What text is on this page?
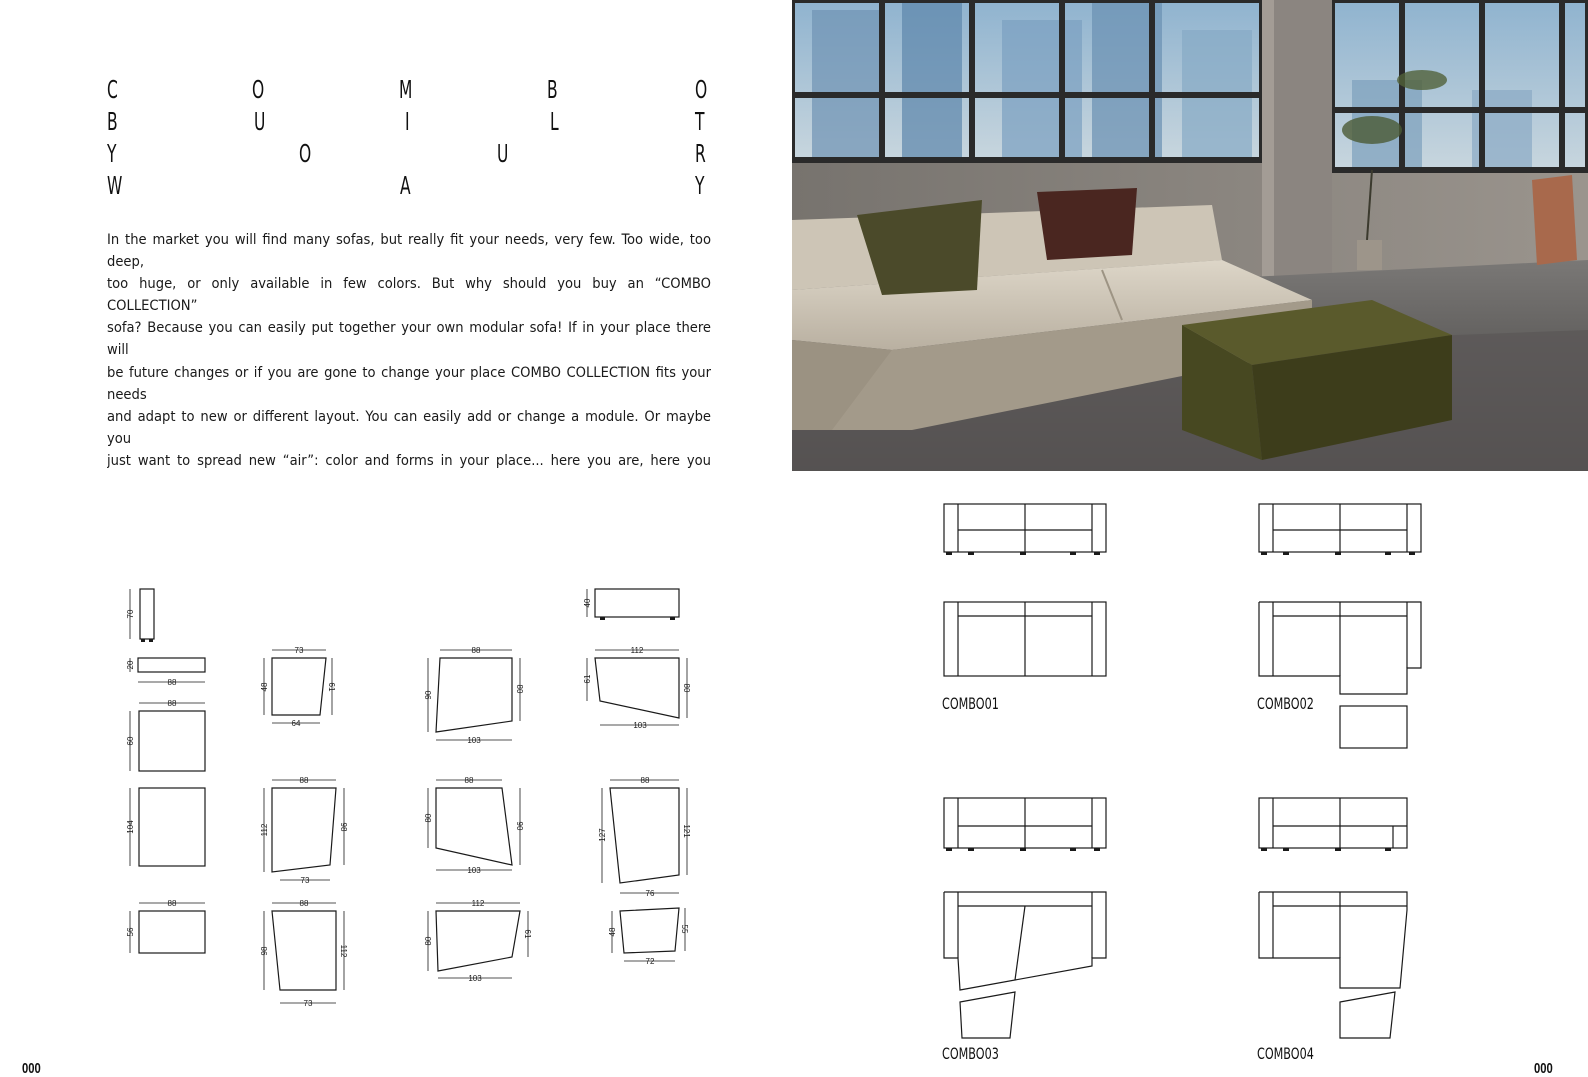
C	O	M	B	O
B	U	I	L	T
Y	O	U	R
W	A	Y
In the market you will find many sofas, but really fit your needs, very few. Too wide, too deep,
too huge, or only available in few colors. But why should you buy an “COMBO COLLECTION”
sofa? Because you can easily put together your own modular sofa! If in your place there will
be future changes or if you are gone to change your place COMBO COLLECTION fits your needs
and adapt to new or different layout. You can easily add or change a module. Or maybe you
just want to spread new “air”: color and forms in your place... here you are, here you
70
20
88
88
60
104
88
56
73
48	61
64
88
112	98
73
88
98	112
73
88
90
80
103
88
80
90
103
112
80
61
103
40
112
61
80
103
88
127	121
76
48	55
72
COMBO01	COMBO02
COMBO03	COMBO04
000	000
